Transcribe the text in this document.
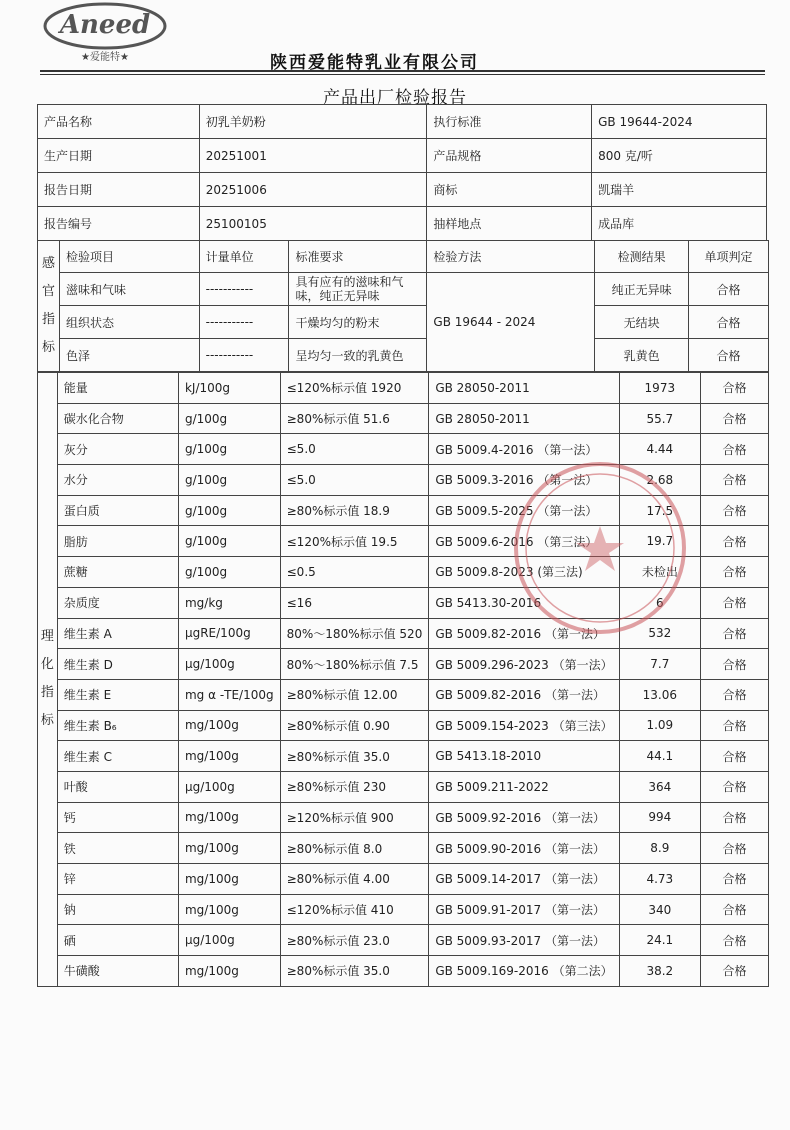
Aneed
★爱能特★	陕西爱能特乳业有限公司
产品出厂检验报告
产品名称	初乳羊奶粉	执行标准	GB 19644-2024
生产日期	20251001	产品规格	800 克/听
报告日期	20251006	商标	凯瑞羊
报告编号	25100105	抽样地点	成品库
感官指标	检验项目	计量单位	标准要求	检验方法	检测结果	单项判定
	滋味和气味	-----------	具有应有的滋味和气味，纯正无异味	GB 19644 - 2024	纯正无异味	合格
	组织状态	-----------	干燥均匀的粉末		无结块	合格
	色泽	-----------	呈均匀一致的乳黄色		乳黄色	合格
理化指标	能量	kJ/100g	≤120%标示值 1920	GB 28050-2011	1973	合格
	碳水化合物	g/100g	≥80%标示值 51.6	GB 28050-2011	55.7	合格
	灰分	g/100g	≤5.0	GB 5009.4-2016 （第一法）	4.44	合格
	水分	g/100g	≤5.0	GB 5009.3-2016 （第一法）	2.68	合格
	蛋白质	g/100g	≥80%标示值 18.9	GB 5009.5-2025 （第一法）	17.5	合格
	脂肪	g/100g	≤120%标示值 19.5	GB 5009.6-2016 （第三法）	19.7	合格
	蔗糖	g/100g	≤0.5	GB 5009.8-2023 (第三法)	未检出	合格
	杂质度	mg/kg	≤16	GB 5413.30-2016	6	合格
	维生素 A	μgRE/100g	80%～180%标示值 520	GB 5009.82-2016 （第一法）	532	合格
	维生素 D	μg/100g	80%～180%标示值 7.5	GB 5009.296-2023 （第一法）	7.7	合格
	维生素 E	mg α -TE/100g	≥80%标示值 12.00	GB 5009.82-2016 （第一法）	13.06	合格
	维生素 B₆	mg/100g	≥80%标示值 0.90	GB 5009.154-2023 （第三法）	1.09	合格
	维生素 C	mg/100g	≥80%标示值 35.0	GB 5413.18-2010	44.1	合格
	叶酸	μg/100g	≥80%标示值 230	GB 5009.211-2022	364	合格
	钙	mg/100g	≥120%标示值 900	GB 5009.92-2016 （第一法）	994	合格
	铁	mg/100g	≥80%标示值 8.0	GB 5009.90-2016 （第一法）	8.9	合格
	锌	mg/100g	≥80%标示值 4.00	GB 5009.14-2017 （第一法）	4.73	合格
	钠	mg/100g	≤120%标示值 410	GB 5009.91-2017 （第一法）	340	合格
	硒	μg/100g	≥80%标示值 23.0	GB 5009.93-2017 （第一法）	24.1	合格
	牛磺酸	mg/100g	≥80%标示值 35.0	GB 5009.169-2016 （第二法）	38.2	合格
